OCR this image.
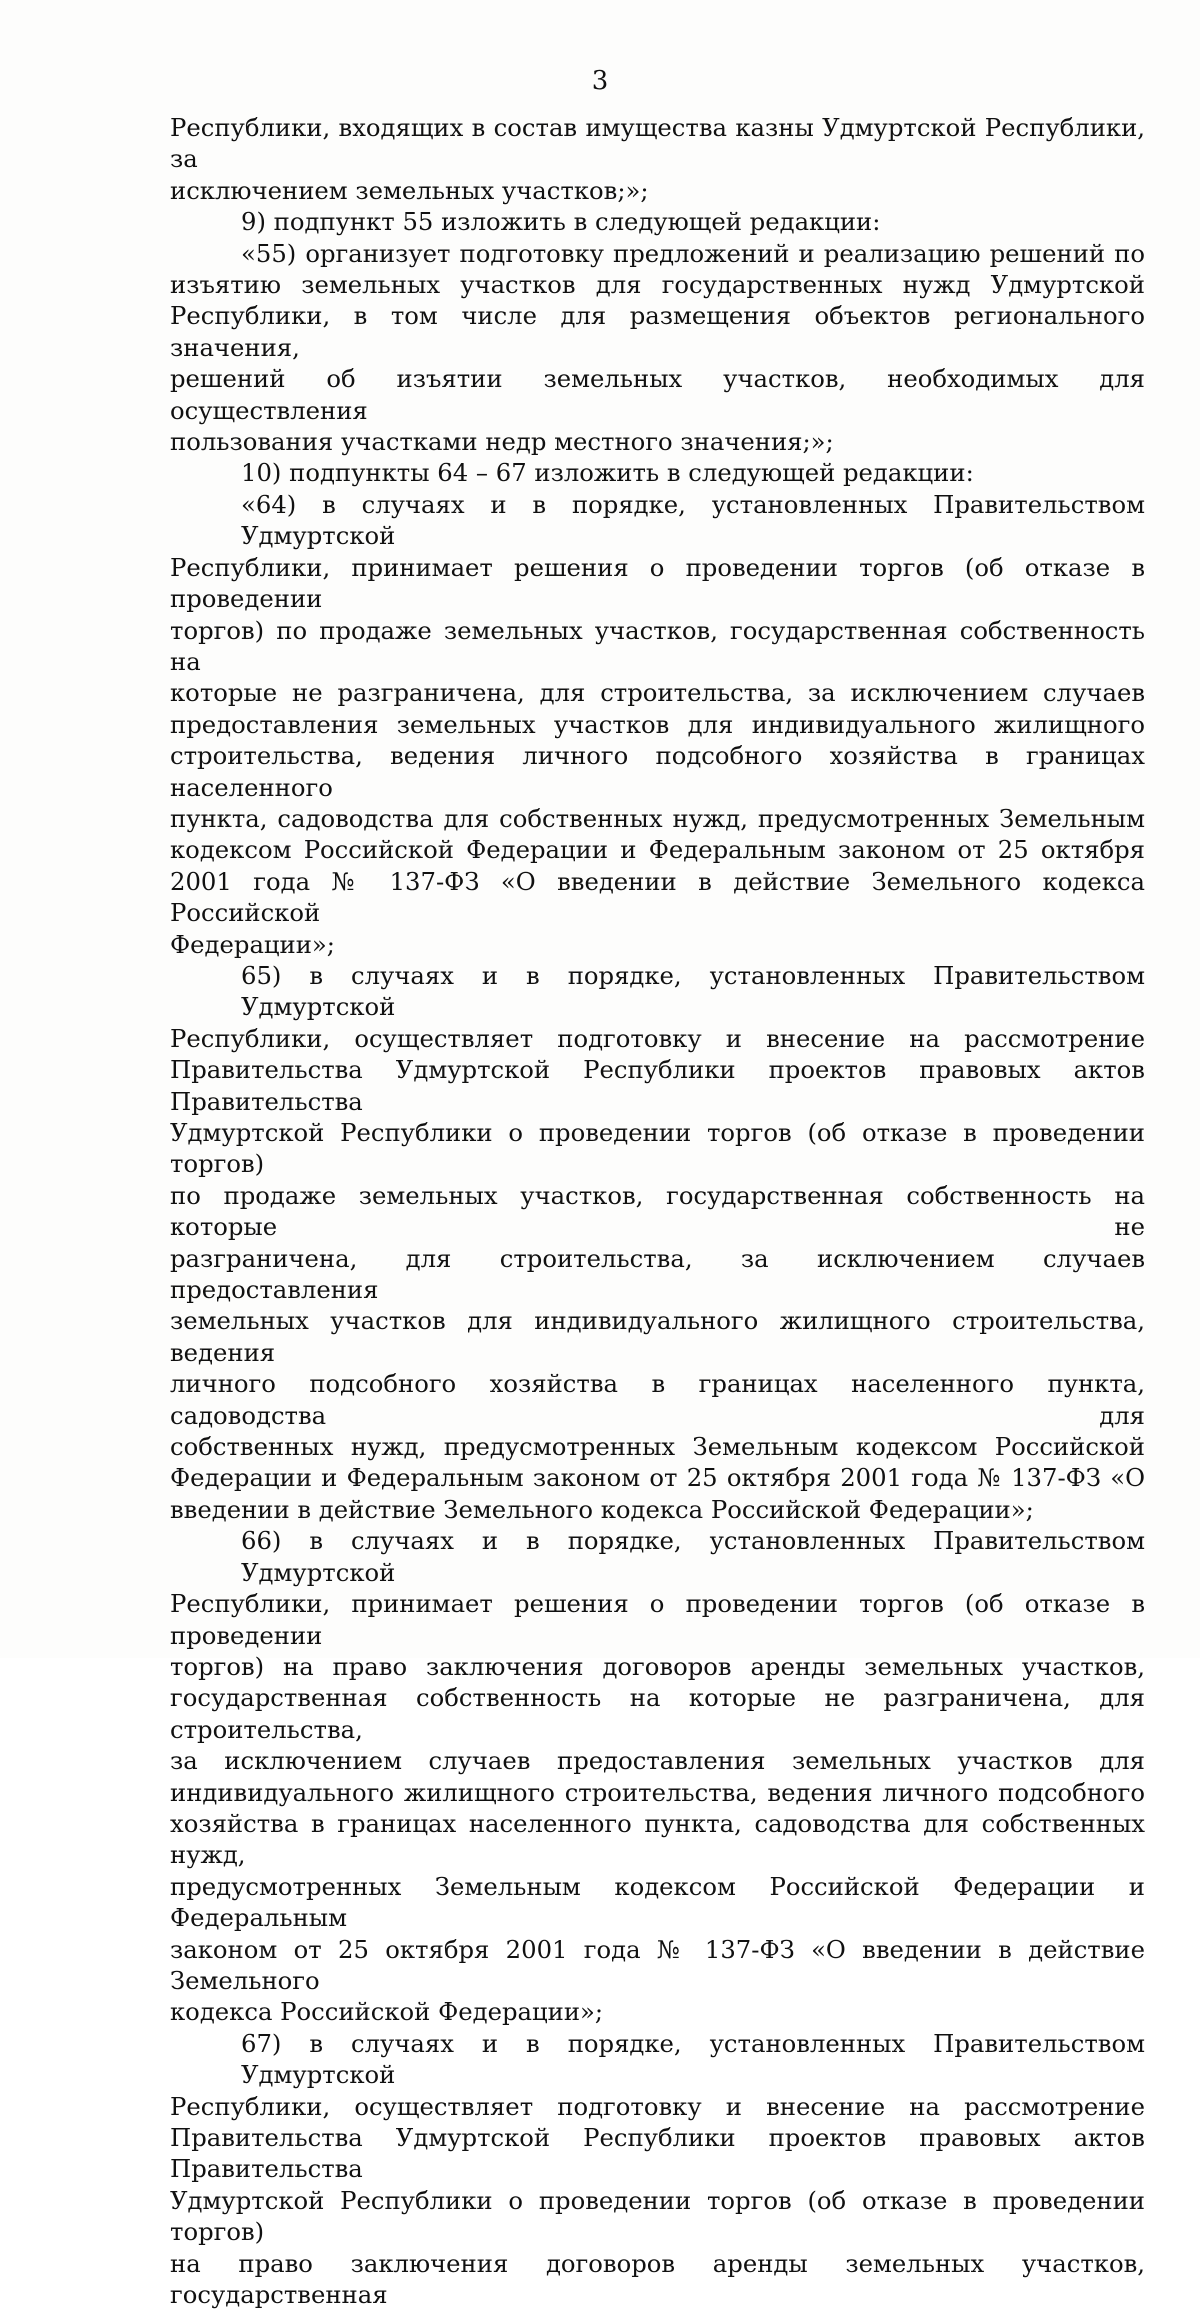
3

Республики, входящих в состав имущества казны Удмуртской Республики, за
исключением земельных участков;»;

9) подпункт 55 изложить в следующей редакции:

«55) организует подготовку предложений и реализацию решений по
изъятию земельных участков для государственных нужд Удмуртской
Республики, в том числе для размещения объектов регионального значения,
решений об изъятии земельных участков, необходимых для осуществления
пользования участками недр местного значения;»;

10) подпункты 64 – 67 изложить в следующей редакции:

«64) в случаях и в порядке, установленных Правительством Удмуртской
Республики, принимает решения о проведении торгов (об отказе в проведении
торгов) по продаже земельных участков, государственная собственность на
которые не разграничена, для строительства, за исключением случаев
предоставления земельных участков для индивидуального жилищного
строительства, ведения личного подсобного хозяйства в границах населенного
пункта, садоводства для собственных нужд, предусмотренных Земельным
кодексом Российской Федерации и Федеральным законом от 25 октября
2001 года № 137-ФЗ «О введении в действие Земельного кодекса Российской
Федерации»;

65) в случаях и в порядке, установленных Правительством Удмуртской
Республики, осуществляет подготовку и внесение на рассмотрение
Правительства Удмуртской Республики проектов правовых актов Правительства
Удмуртской Республики о проведении торгов (об отказе в проведении торгов)
по продаже земельных участков, государственная собственность на которые не
разграничена, для строительства, за исключением случаев предоставления
земельных участков для индивидуального жилищного строительства, ведения
личного подсобного хозяйства в границах населенного пункта, садоводства для
собственных нужд, предусмотренных Земельным кодексом Российской
Федерации и Федеральным законом от 25 октября 2001 года № 137-ФЗ «О
введении в действие Земельного кодекса Российской Федерации»;

66) в случаях и в порядке, установленных Правительством Удмуртской
Республики, принимает решения о проведении торгов (об отказе в проведении
торгов) на право заключения договоров аренды земельных участков,
государственная собственность на которые не разграничена, для строительства,
за исключением случаев предоставления земельных участков для
индивидуального жилищного строительства, ведения личного подсобного
хозяйства в границах населенного пункта, садоводства для собственных нужд,
предусмотренных Земельным кодексом Российской Федерации и Федеральным
законом от 25 октября 2001 года № 137-ФЗ «О введении в действие Земельного
кодекса Российской Федерации»;

67) в случаях и в порядке, установленных Правительством Удмуртской
Республики, осуществляет подготовку и внесение на рассмотрение
Правительства Удмуртской Республики проектов правовых актов Правительства
Удмуртской Республики о проведении торгов (об отказе в проведении торгов)
на право заключения договоров аренды земельных участков, государственная
